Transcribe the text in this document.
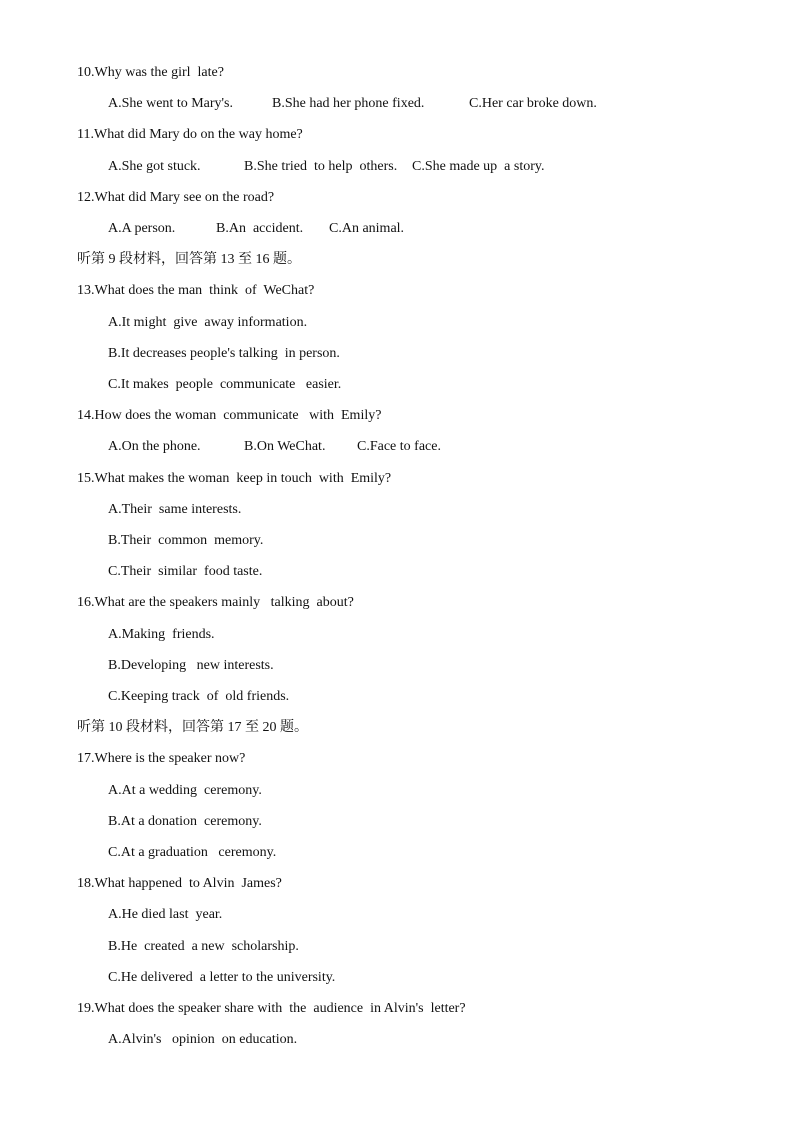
10.Why was the girl  late?
A.She went to Mary's.	B.She had her phone fixed.	C.Her car broke down.
11.What did Mary do on the way home?
A.She got stuck.	B.She tried  to help  others. C.She made up  a story.
12.What did Mary see on the road?
A.A person.	B.An  accident. C.An animal.
听第 9 段材料，回答第 13 至 16 题。
13.What does the man  think  of  WeChat?
A.It might  give  away information.
B.It decreases people's talking  in person.
C.It makes  people  communicate   easier.
14.How does the woman  communicate   with  Emily?
A.On the phone.	B.On WeChat. C.Face to face.
15.What makes the woman  keep in touch  with  Emily?
A.Their  same interests.
B.Their  common  memory.
C.Their  similar  food taste.
16.What are the speakers mainly   talking  about?
A.Making  friends.
B.Developing   new interests.
C.Keeping track  of  old friends.
听第 10 段材料，回答第 17 至 20 题。
17.Where is the speaker now?
A.At a wedding  ceremony.
B.At a donation  ceremony.
C.At a graduation   ceremony.
18.What happened  to Alvin  James?
A.He died last  year.
B.He  created  a new  scholarship.
C.He delivered  a letter to the university.
19.What does the speaker share with  the  audience  in Alvin's  letter?
A.Alvin's   opinion  on education.
